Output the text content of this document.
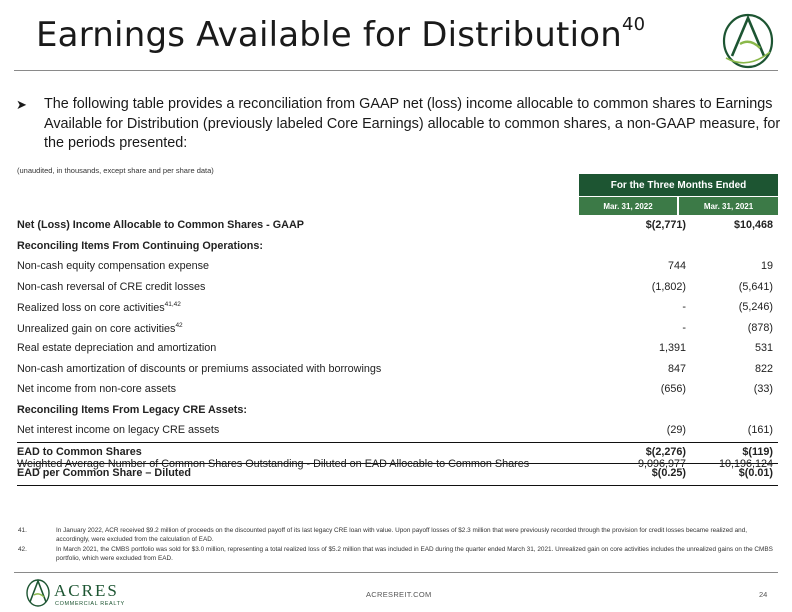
Earnings Available for Distribution$^{40}$
➤ The following table provides a reconciliation from GAAP net (loss) income allocable to common shares to Earnings Available for Distribution (previously labeled Core Earnings) allocable to common shares, a non-GAAP measure, for the periods presented:
(unaudited, in thousands, except share and per share data)
For the Three Months Ended
Mar. 31, 2022	Mar. 31, 2021
Net (Loss) Income Allocable to Common Shares - GAAP	$(2,771)	$10,468
Reconciling Items From Continuing Operations:
Non-cash equity compensation expense	744	19
Non-cash reversal of CRE credit losses	(1,802)	(5,641)
Realized loss on core activities$^{41,42}$	-	(5,246)
Unrealized gain on core activities$^{42}$	-	(878)
Real estate depreciation and amortization	1,391	531
Non-cash amortization of discounts or premiums associated with borrowings	847	822
Net income from non-core assets	(656)	(33)
Reconciling Items From Legacy CRE Assets:
Net interest income on legacy CRE assets	(29)	(161)
EAD to Common Shares	$(2,276)	$(119)
EAD per Common Share – Diluted	$(0.25)	$(0.01)
Weighted Average Number of Common Shares Outstanding - Diluted on EAD Allocable to Common Shares	9,096,977	10,196,124
41.	In January 2022, ACR received $9.2 million of proceeds on the discounted payoff of its last legacy CRE loan with value. Upon payoff losses of $2.3 million that were previously recorded through the provision for credit losses became realized and, accordingly, were excluded from the calculation of EAD.
42.	In March 2021, the CMBS portfolio was sold for $3.0 million, representing a total realized loss of $5.2 million that was included in EAD during the quarter ended March 31, 2021. Unrealized gain on core activities includes the unrealized gains on the CMBS portfolio, which were excluded from EAD.
ACRES
COMMERCIAL REALTY
ACRESREIT.COM	24
